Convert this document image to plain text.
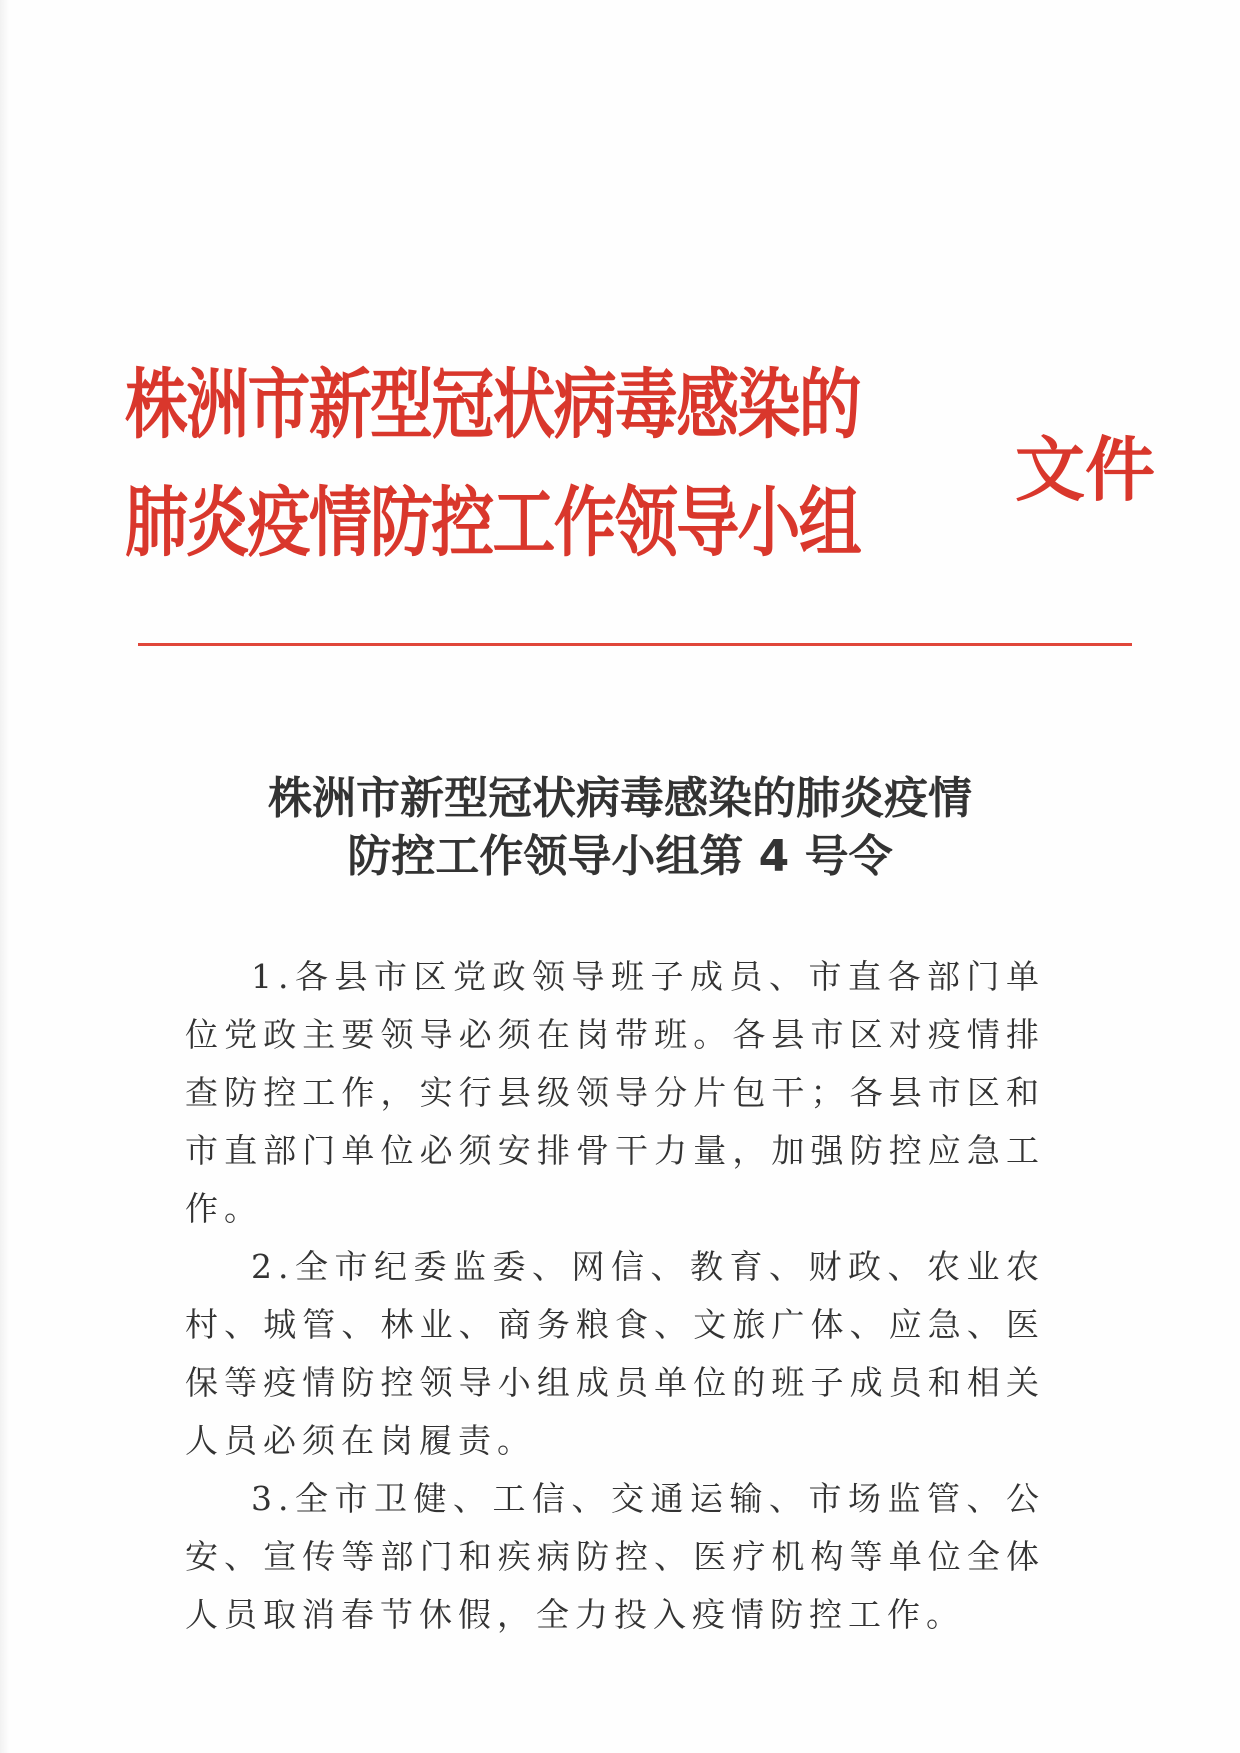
株洲市新型冠状病毒感染的
肺炎疫情防控工作领导小组
文件
株洲市新型冠状病毒感染的肺炎疫情
防控工作领导小组第 4 号令

1.各县市区党政领导班子成员、市直各部门单位党政主要领导必须在岗带班。各县市区对疫情排查防控工作，实行县级领导分片包干；各县市区和市直部门单位必须安排骨干力量，加强防控应急工作。

2.全市纪委监委、网信、教育、财政、农业农村、城管、林业、商务粮食、文旅广体、应急、医保等疫情防控领导小组成员单位的班子成员和相关人员必须在岗履责。

3.全市卫健、工信、交通运输、市场监管、公安、宣传等部门和疾病防控、医疗机构等单位全体人员取消春节休假，全力投入疫情防控工作。
